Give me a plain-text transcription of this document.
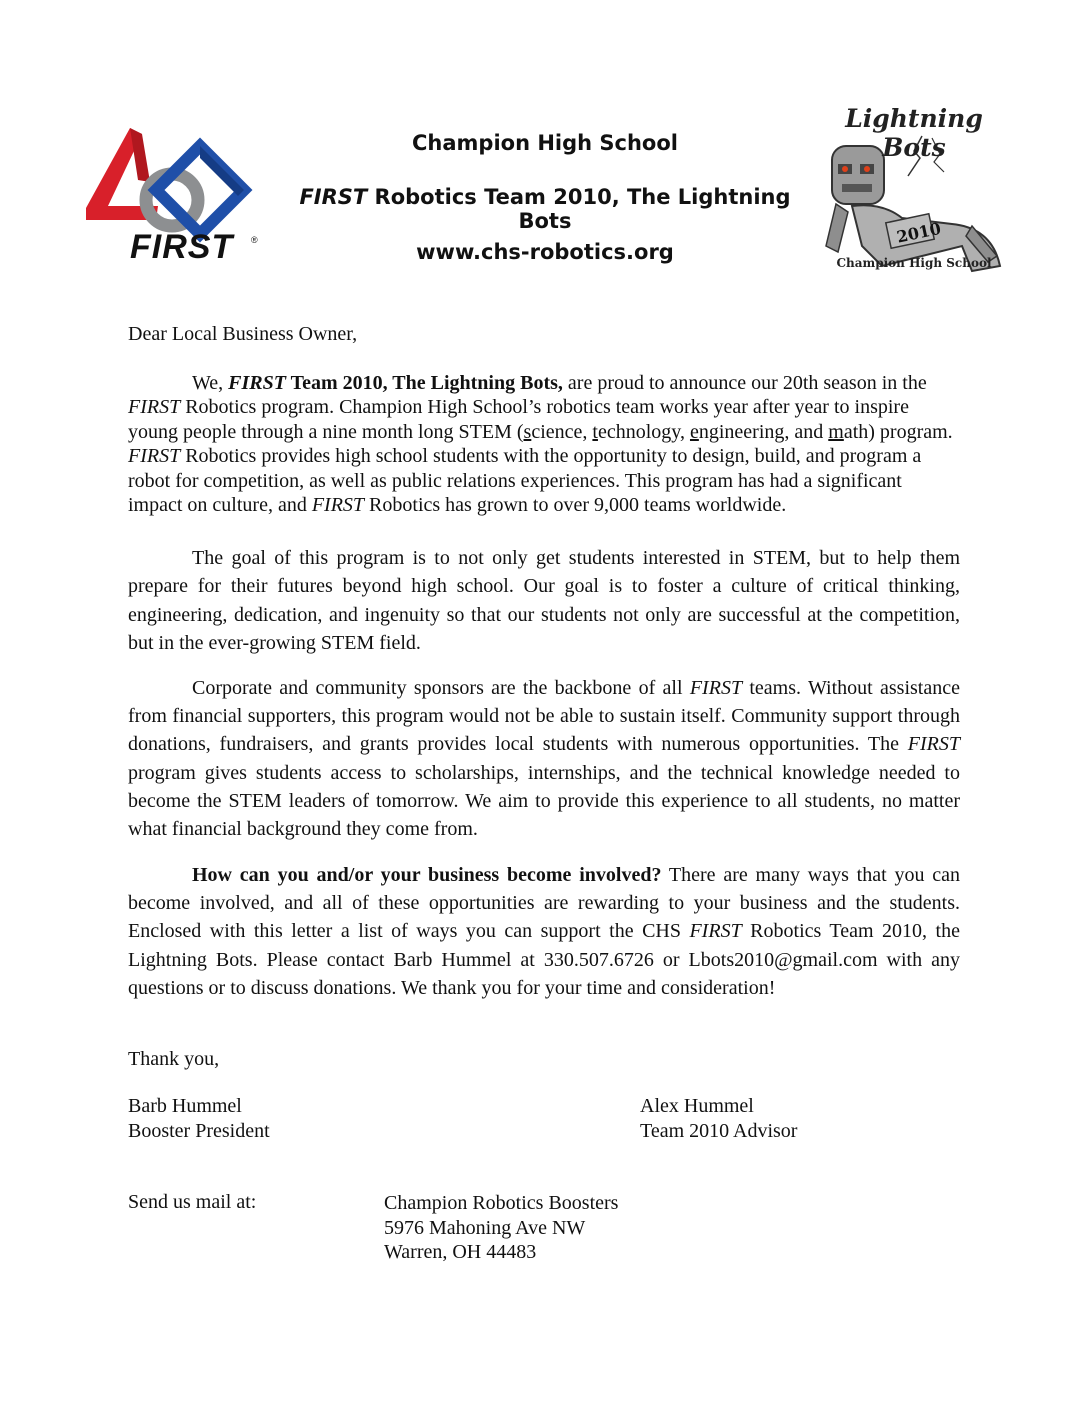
FIRST ®
Champion High School
FIRST Robotics Team 2010, The Lightning Bots
www.chs-robotics.org
2010
Lightning Bots
Champion High School
Dear Local Business Owner,
We, FIRST Team 2010, The Lightning Bots, are proud to announce our 20th season in the FIRST Robotics program. Champion High School’s robotics team works year after year to inspire young people through a nine month long STEM (science, technology, engineering, and math) program. FIRST Robotics provides high school students with the opportunity to design, build, and program a robot for competition, as well as public relations experiences. This program has had a significant impact on culture, and FIRST Robotics has grown to over 9,000 teams worldwide.
The goal of this program is to not only get students interested in STEM, but to help them prepare for their futures beyond high school. Our goal is to foster a culture of critical thinking, engineering, dedication, and ingenuity so that our students not only are successful at the competition, but in the ever-growing STEM field.
Corporate and community sponsors are the backbone of all FIRST teams. Without assistance from financial supporters, this program would not be able to sustain itself. Community support through donations, fundraisers, and grants provides local students with numerous opportunities. The FIRST program gives students access to scholarships, internships, and the technical knowledge needed to become the STEM leaders of tomorrow. We aim to provide this experience to all students, no matter what financial background they come from.
How can you and/or your business become involved? There are many ways that you can become involved, and all of these opportunities are rewarding to your business and the students. Enclosed with this letter a list of ways you can support the CHS FIRST Robotics Team 2010, the Lightning Bots. Please contact Barb Hummel at 330.507.6726 or Lbots2010@gmail.com with any questions or to discuss donations. We thank you for your time and consideration!
Thank you,
Barb Hummel
Booster President
Alex Hummel
Team 2010 Advisor
Send us mail at:	Champion Robotics Boosters
5976 Mahoning Ave NW
Warren, OH 44483
